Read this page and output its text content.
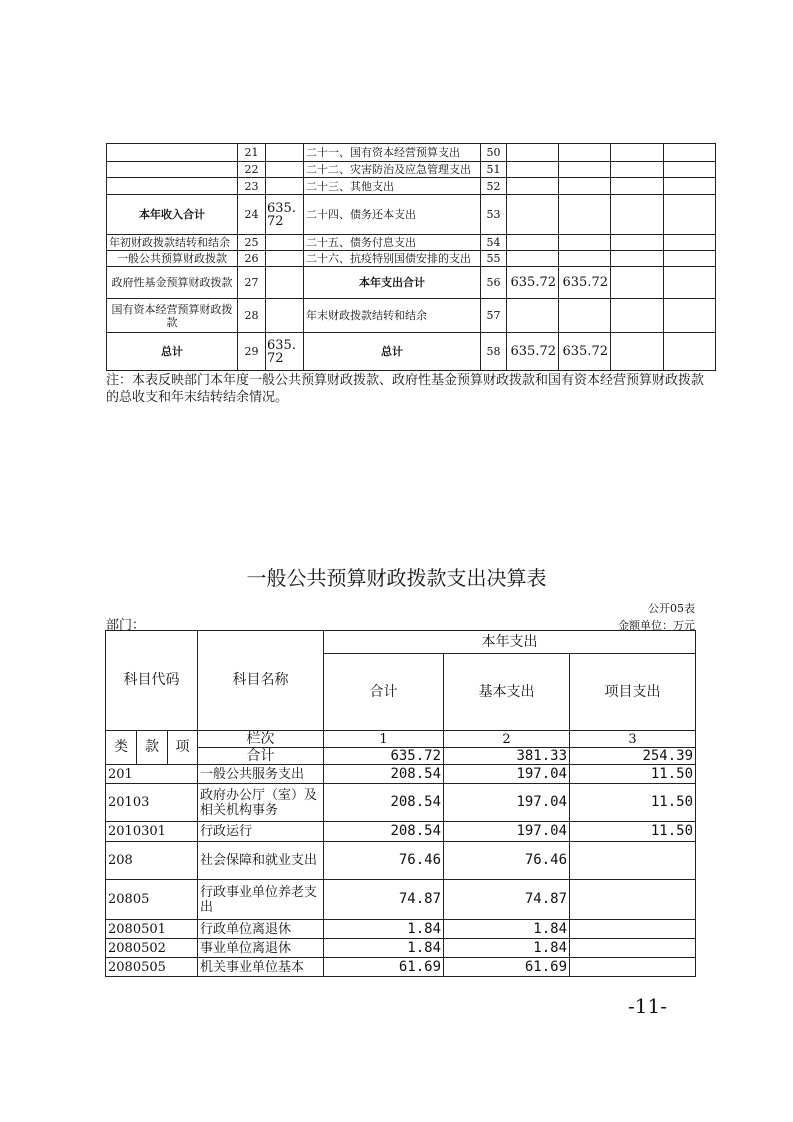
	21		二十一、国有资本经营预算支出	50				
	22		二十二、灾害防治及应急管理支出	51				
	23		二十三、其他支出	52				
本年收入合计	24	635.72	二十四、债务还本支出	53				
年初财政拨款结转和结余	25		二十五、债务付息支出	54				
一般公共预算财政拨款	26		二十六、抗疫特别国债安排的支出	55				
政府性基金预算财政拨款	27		本年支出合计	56	635.72	635.72		
国有资本经营预算财政拨款	28		年末财政拨款结转和结余	57				
总计	29	635.72	总计	58	635.72	635.72		
注：本表反映部门本年度一般公共预算财政拨款、政府性基金预算财政拨款和国有资本经营预算财政拨款的总收支和年末结转结余情况。
一般公共预算财政拨款支出决算表
公开05表
部门：	金额单位：万元
科目代码			科目名称	本年支出		
				合计	基本支出	项目支出
类	款	项	栏次	1	2	3
			合计	635.72	381.33	254.39
201			一般公共服务支出	208.54	197.04	11.50
20103			政府办公厅（室）及相关机构事务	208.54	197.04	11.50
2010301			行政运行	208.54	197.04	11.50
208			社会保障和就业支出	76.46	76.46	
20805			行政事业单位养老支出	74.87	74.87	
2080501			行政单位离退休	1.84	1.84	
2080502			事业单位离退休	1.84	1.84	
2080505			机关事业单位基本	61.69	61.69	
-11-
